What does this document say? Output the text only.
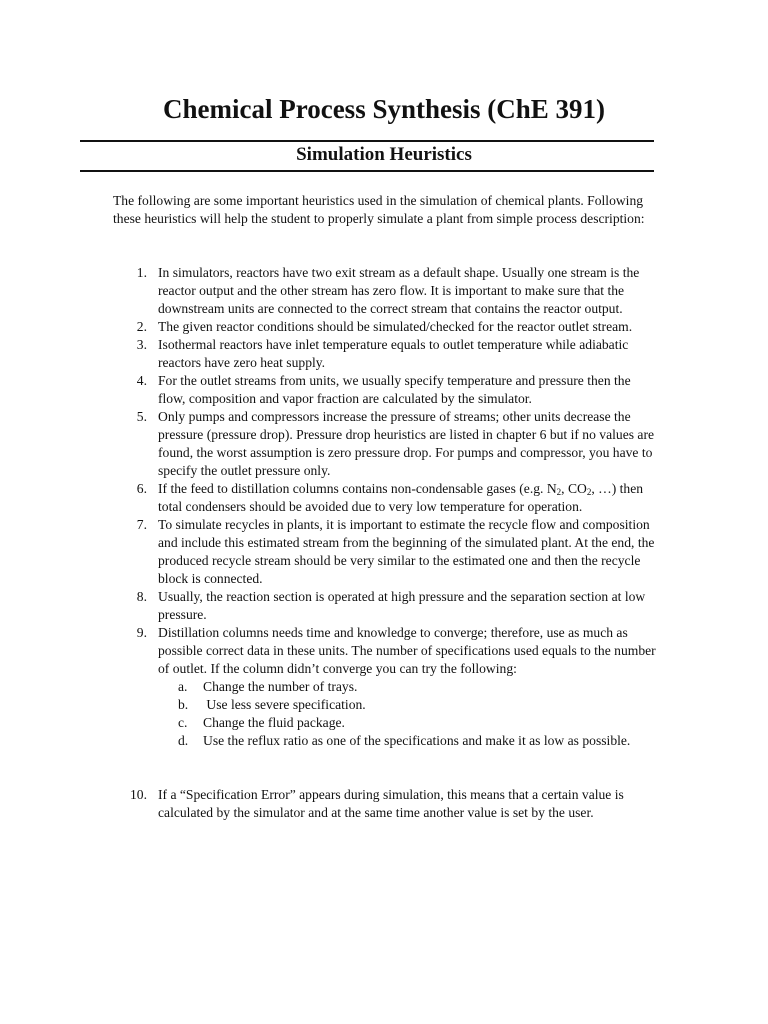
Chemical Process Synthesis (ChE 391)
Simulation Heuristics

The following are some important heuristics used in the simulation of chemical plants. Following these heuristics will help the student to properly simulate a plant from simple process description:

1. In simulators, reactors have two exit stream as a default shape. Usually one stream is the reactor output and the other stream has zero flow. It is important to make sure that the downstream units are connected to the correct stream that contains the reactor output.
2. The given reactor conditions should be simulated/checked for the reactor outlet stream.
3. Isothermal reactors have inlet temperature equals to outlet temperature while adiabatic reactors have zero heat supply.
4. For the outlet streams from units, we usually specify temperature and pressure then the flow, composition and vapor fraction are calculated by the simulator.
5. Only pumps and compressors increase the pressure of streams; other units decrease the pressure (pressure drop). Pressure drop heuristics are listed in chapter 6 but if no values are found, the worst assumption is zero pressure drop. For pumps and compressor, you have to specify the outlet pressure only.
6. If the feed to distillation columns contains non-condensable gases (e.g. $N_2$, $CO_2$, …) then total condensers should be avoided due to very low temperature for operation.
7. To simulate recycles in plants, it is important to estimate the recycle flow and composition and include this estimated stream from the beginning of the simulated plant. At the end, the produced recycle stream should be very similar to the estimated one and then the recycle block is connected.
8. Usually, the reaction section is operated at high pressure and the separation section at low pressure.
9. Distillation columns needs time and knowledge to converge; therefore, use as much as possible correct data in these units. The number of specifications used equals to the number of outlet. If the column didn’t converge you can try the following:
a.	Change the number of trays.
b. Use less severe specification.
c.	Change the fluid package.
d. Use the reflux ratio as one of the specifications and make it as low as possible.
10. If a “Specification Error” appears during simulation, this means that a certain value is calculated by the simulator and at the same time another value is set by the user.
